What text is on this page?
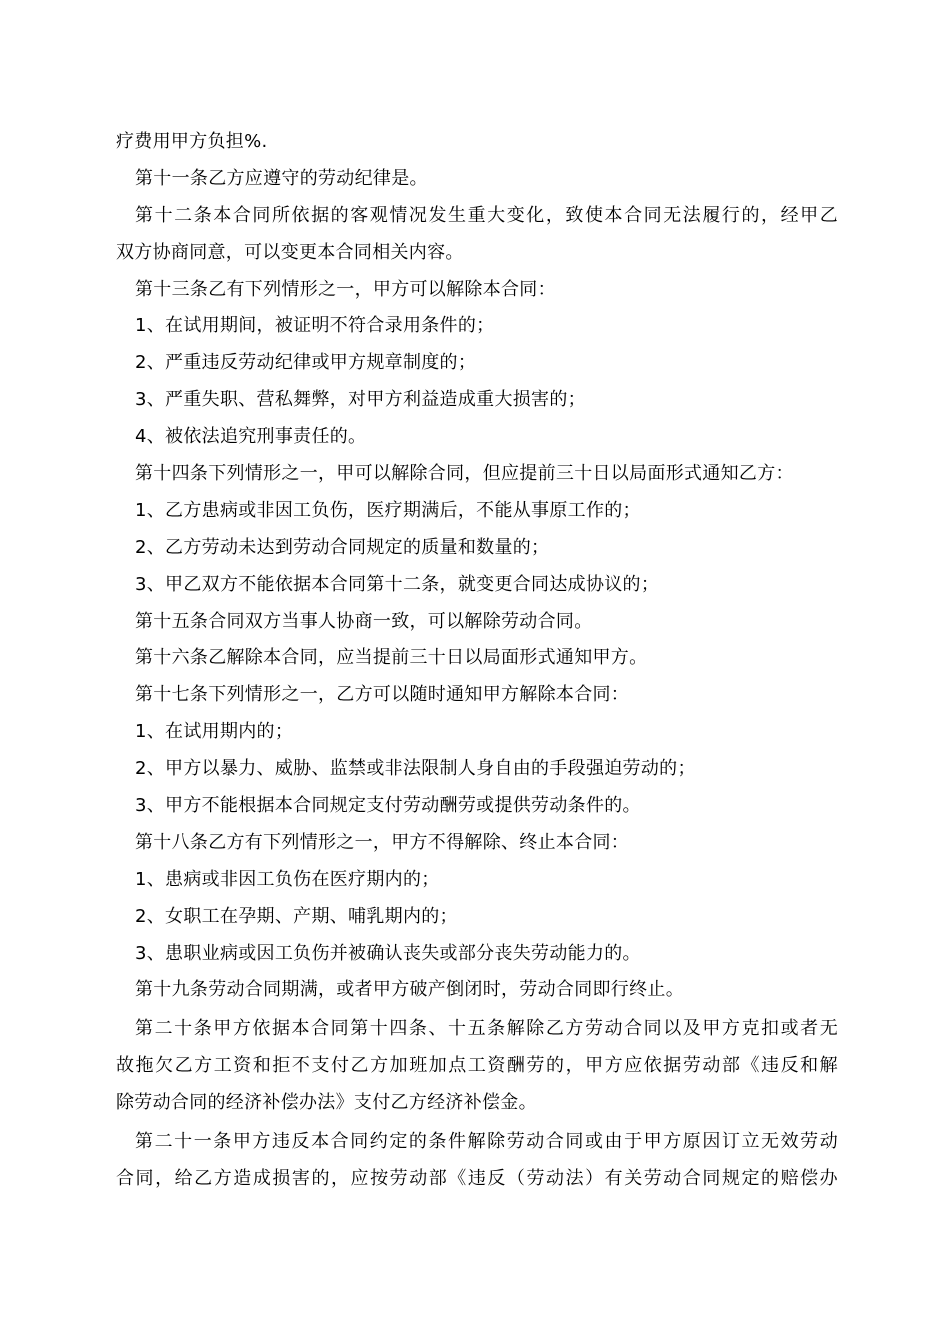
疗费用甲方负担%.
第十一条乙方应遵守的劳动纪律是。
第十二条本合同所依据的客观情况发生重大变化，致使本合同无法履行的，经甲乙
双方协商同意，可以变更本合同相关内容。
第十三条乙有下列情形之一，甲方可以解除本合同：
1、在试用期间，被证明不符合录用条件的；
2、严重违反劳动纪律或甲方规章制度的；
3、严重失职、营私舞弊，对甲方利益造成重大损害的；
4、被依法追究刑事责任的。
第十四条下列情形之一，甲可以解除合同，但应提前三十日以局面形式通知乙方：
1、乙方患病或非因工负伤，医疗期满后，不能从事原工作的；
2、乙方劳动未达到劳动合同规定的质量和数量的；
3、甲乙双方不能依据本合同第十二条，就变更合同达成协议的；
第十五条合同双方当事人协商一致，可以解除劳动合同。
第十六条乙解除本合同，应当提前三十日以局面形式通知甲方。
第十七条下列情形之一，乙方可以随时通知甲方解除本合同：
1、在试用期内的；
2、甲方以暴力、威胁、监禁或非法限制人身自由的手段强迫劳动的；
3、甲方不能根据本合同规定支付劳动酬劳或提供劳动条件的。
第十八条乙方有下列情形之一，甲方不得解除、终止本合同：
1、患病或非因工负伤在医疗期内的；
2、女职工在孕期、产期、哺乳期内的；
3、患职业病或因工负伤并被确认丧失或部分丧失劳动能力的。
第十九条劳动合同期满，或者甲方破产倒闭时，劳动合同即行终止。
第二十条甲方依据本合同第十四条、十五条解除乙方劳动合同以及甲方克扣或者无
故拖欠乙方工资和拒不支付乙方加班加点工资酬劳的，甲方应依据劳动部《违反和解
除劳动合同的经济补偿办法》支付乙方经济补偿金。
第二十一条甲方违反本合同约定的条件解除劳动合同或由于甲方原因订立无效劳动
合同，给乙方造成损害的，应按劳动部《违反（劳动法）有关劳动合同规定的赔偿办
